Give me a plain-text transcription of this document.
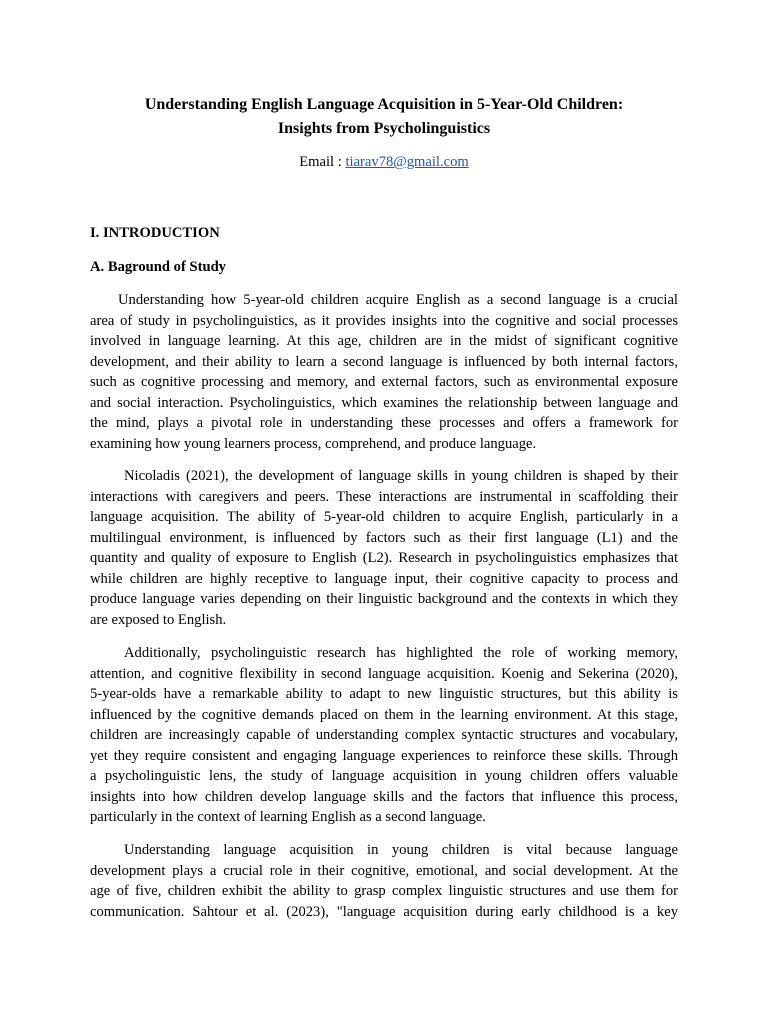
Understanding English Language Acquisition in 5-Year-Old Children:
Insights from Psycholinguistics
Email : tiarav78@gmail.com
I. INTRODUCTION
A. Baground of Study
Understanding how 5-year-old children acquire English as a second language is a crucial
area of study in psycholinguistics, as it provides insights into the cognitive and social processes
involved in language learning. At this age, children are in the midst of significant cognitive
development, and their ability to learn a second language is influenced by both internal factors,
such as cognitive processing and memory, and external factors, such as environmental exposure
and social interaction. Psycholinguistics, which examines the relationship between language and
the mind, plays a pivotal role in understanding these processes and offers a framework for
examining how young learners process, comprehend, and produce language.
Nicoladis (2021), the development of language skills in young children is shaped by their
interactions with caregivers and peers. These interactions are instrumental in scaffolding their
language acquisition. The ability of 5-year-old children to acquire English, particularly in a
multilingual environment, is influenced by factors such as their first language (L1) and the
quantity and quality of exposure to English (L2). Research in psycholinguistics emphasizes that
while children are highly receptive to language input, their cognitive capacity to process and
produce language varies depending on their linguistic background and the contexts in which they
are exposed to English.
Additionally, psycholinguistic research has highlighted the role of working memory,
attention, and cognitive flexibility in second language acquisition. Koenig and Sekerina (2020),
5-year-olds have a remarkable ability to adapt to new linguistic structures, but this ability is
influenced by the cognitive demands placed on them in the learning environment. At this stage,
children are increasingly capable of understanding complex syntactic structures and vocabulary,
yet they require consistent and engaging language experiences to reinforce these skills. Through
a psycholinguistic lens, the study of language acquisition in young children offers valuable
insights into how children develop language skills and the factors that influence this process,
particularly in the context of learning English as a second language.
Understanding language acquisition in young children is vital because language
development plays a crucial role in their cognitive, emotional, and social development. At the
age of five, children exhibit the ability to grasp complex linguistic structures and use them for
communication. Sahtour et al. (2023), "language acquisition during early childhood is a key
